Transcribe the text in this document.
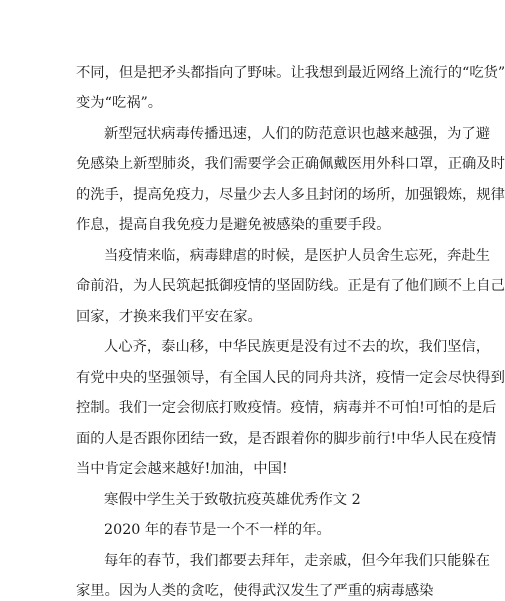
不同，但是把矛头都指向了野味。让我想到最近网络上流行的“吃货”
变为“吃祸”。
新型冠状病毒传播迅速，人们的防范意识也越来越强，为了避
免感染上新型肺炎，我们需要学会正确佩戴医用外科口罩，正确及时
的洗手，提高免疫力，尽量少去人多且封闭的场所，加强锻炼，规律
作息，提高自我免疫力是避免被感染的重要手段。
当疫情来临，病毒肆虐的时候，是医护人员舍生忘死，奔赴生
命前沿，为人民筑起抵御疫情的坚固防线。正是有了他们顾不上自己
回家，才换来我们平安在家。
人心齐，泰山移，中华民族更是没有过不去的坎，我们坚信，
有党中央的坚强领导，有全国人民的同舟共济，疫情一定会尽快得到
控制。我们一定会彻底打败疫情。疫情，病毒并不可怕!可怕的是后
面的人是否跟你团结一致，是否跟着你的脚步前行!中华人民在疫情
当中肯定会越来越好!加油，中国!
寒假中学生关于致敬抗疫英雄优秀作文 2
2020 年的春节是一个不一样的年。
每年的春节，我们都要去拜年，走亲戚，但今年我们只能躲在
家里。因为人类的贪吃，使得武汉发生了严重的病毒感染
